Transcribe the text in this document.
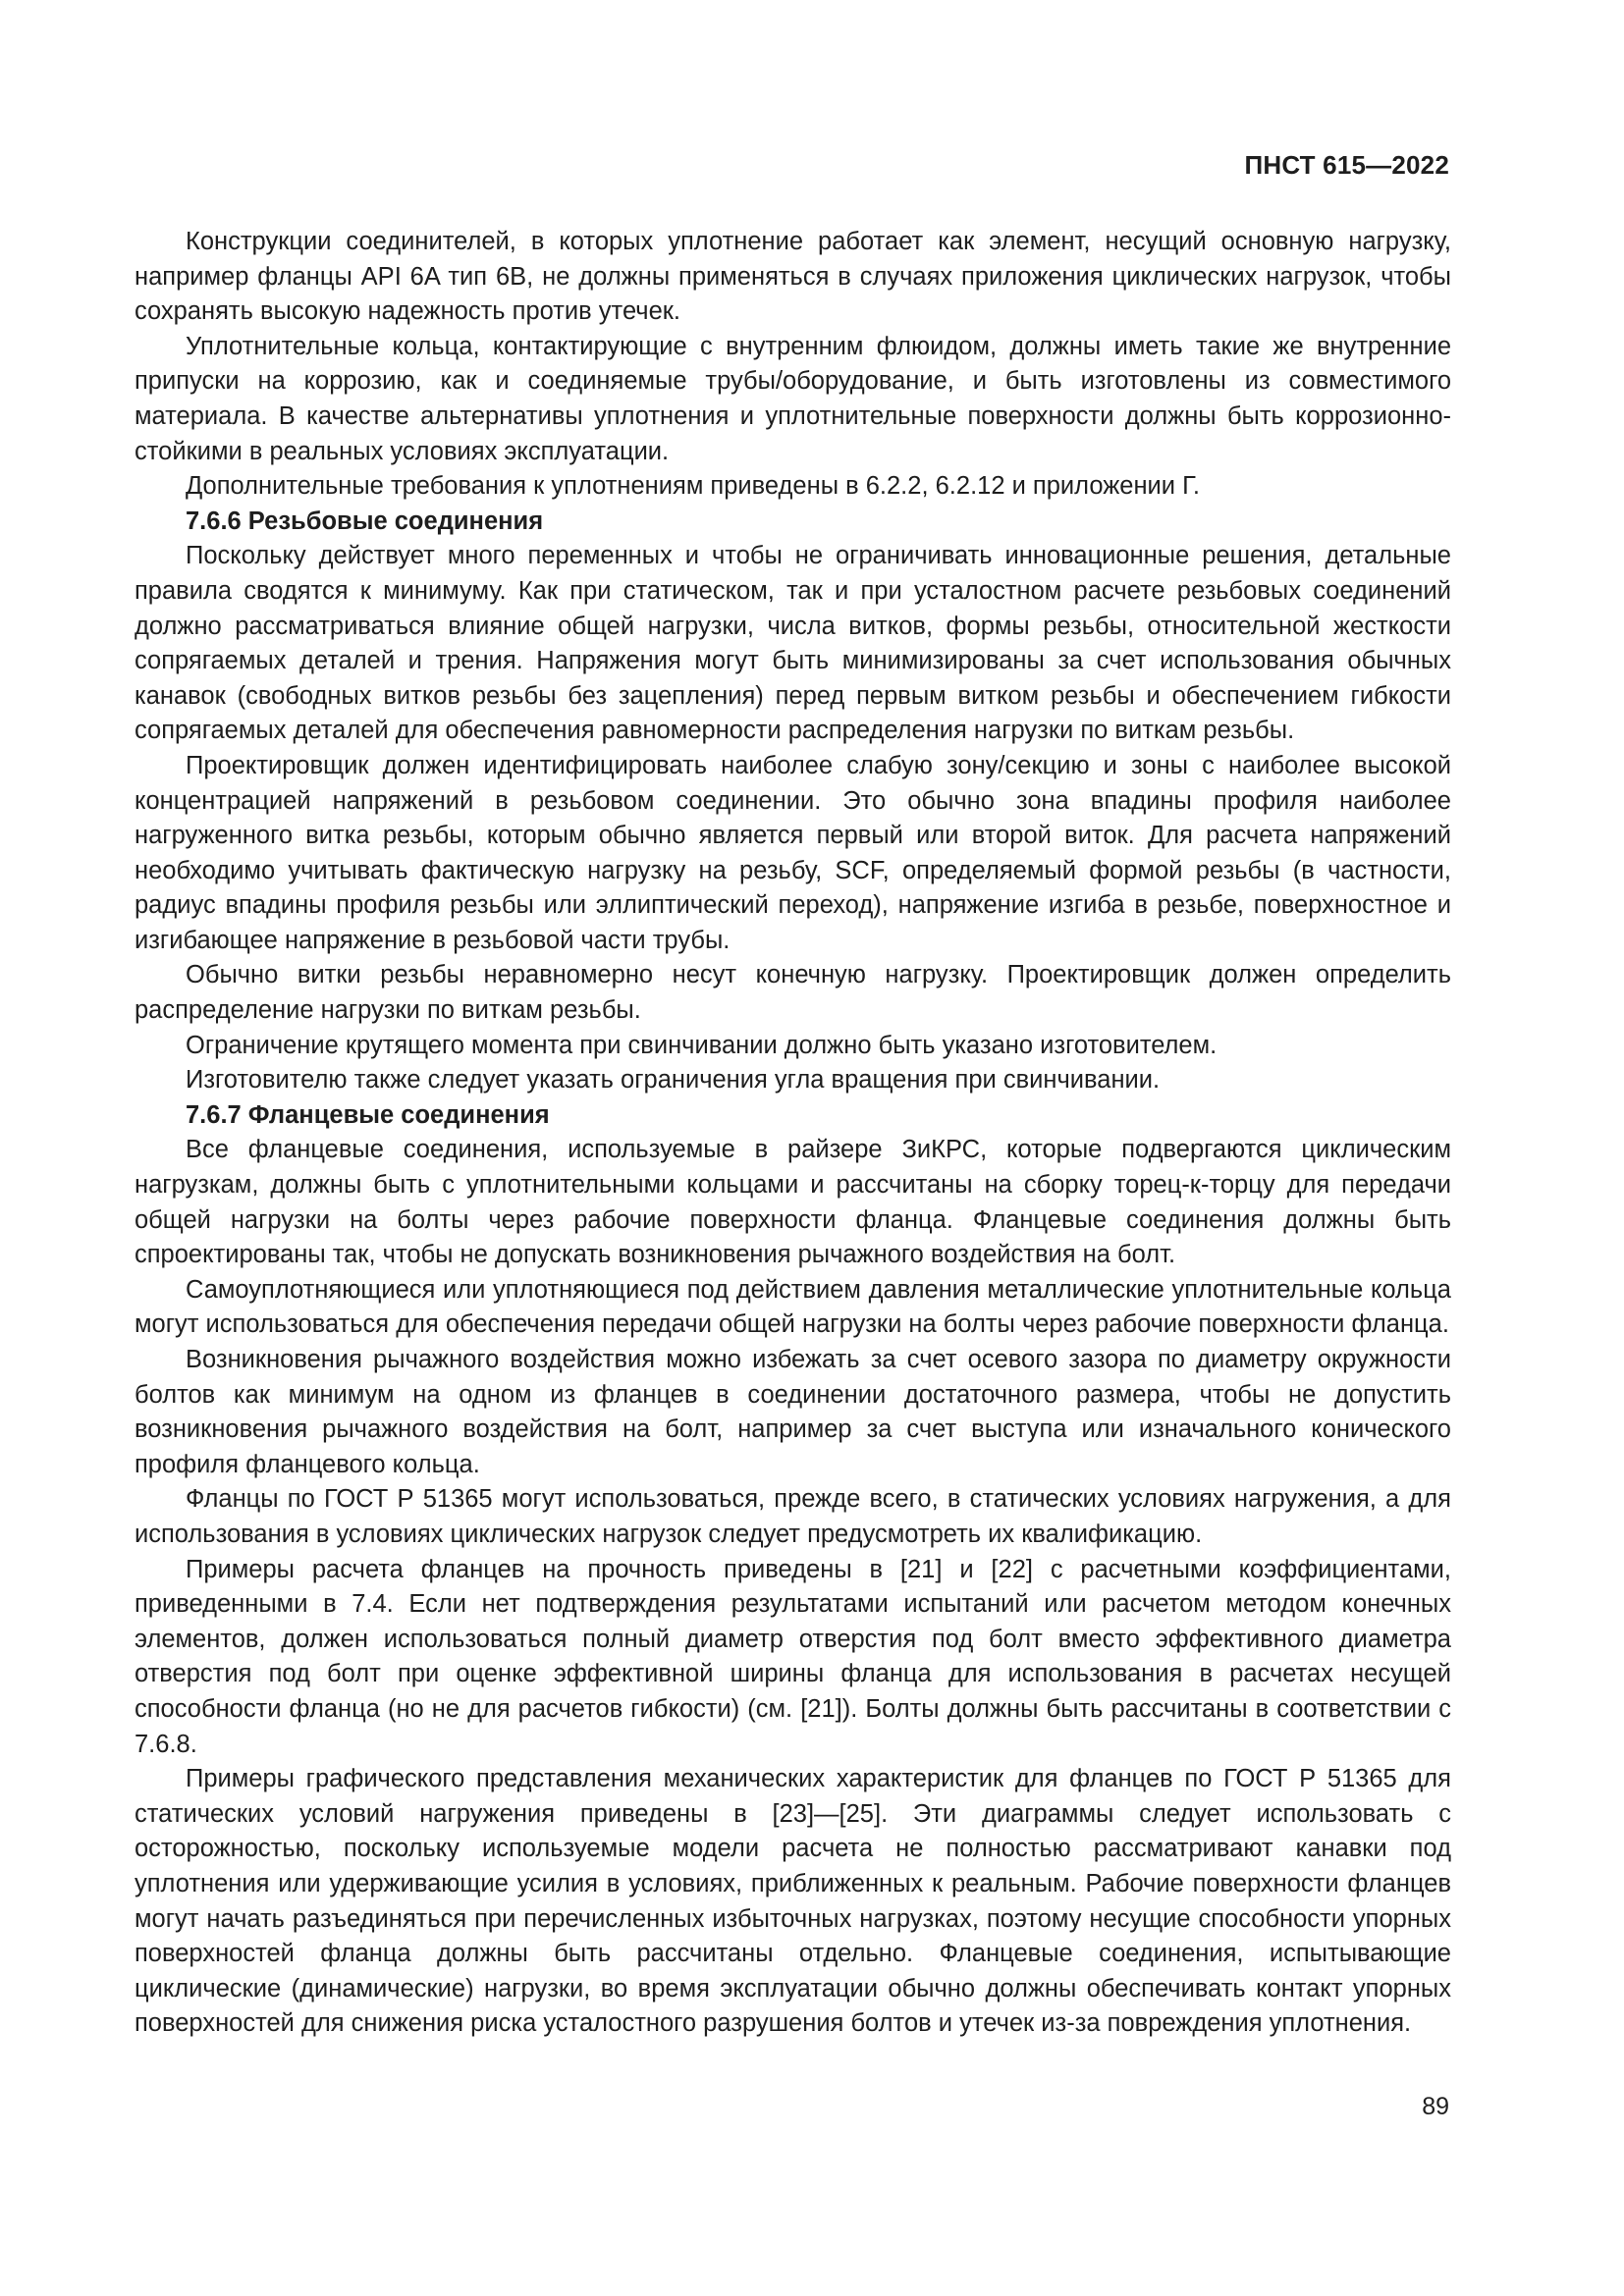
ПНСТ 615—2022

Конструкции соединителей, в которых уплотнение работает как элемент, несущий основную нагрузку, например фланцы API 6A тип 6B, не должны применяться в случаях приложения циклических нагрузок, чтобы сохранять высокую надежность против утечек.

Уплотнительные кольца, контактирующие с внутренним флюидом, должны иметь такие же внутренние припуски на коррозию, как и соединяемые трубы/оборудование, и быть изготовлены из совместимого материала. В качестве альтернативы уплотнения и уплотнительные поверхности должны быть коррозионно-стойкими в реальных условиях эксплуатации.

Дополнительные требования к уплотнениям приведены в 6.2.2, 6.2.12 и приложении Г.

7.6.6 Резьбовые соединения

Поскольку действует много переменных и чтобы не ограничивать инновационные решения, детальные правила сводятся к минимуму. Как при статическом, так и при усталостном расчете резьбовых соединений должно рассматриваться влияние общей нагрузки, числа витков, формы резьбы, относительной жесткости сопрягаемых деталей и трения. Напряжения могут быть минимизированы за счет использования обычных канавок (свободных витков резьбы без зацепления) перед первым витком резьбы и обеспечением гибкости сопрягаемых деталей для обеспечения равномерности распределения нагрузки по виткам резьбы.

Проектировщик должен идентифицировать наиболее слабую зону/секцию и зоны с наиболее высокой концентрацией напряжений в резьбовом соединении. Это обычно зона впадины профиля наиболее нагруженного витка резьбы, которым обычно является первый или второй виток. Для расчета напряжений необходимо учитывать фактическую нагрузку на резьбу, SCF, определяемый формой резьбы (в частности, радиус впадины профиля резьбы или эллиптический переход), напряжение изгиба в резьбе, поверхностное и изгибающее напряжение в резьбовой части трубы.

Обычно витки резьбы неравномерно несут конечную нагрузку. Проектировщик должен определить распределение нагрузки по виткам резьбы.

Ограничение крутящего момента при свинчивании должно быть указано изготовителем.

Изготовителю также следует указать ограничения угла вращения при свинчивании.

7.6.7 Фланцевые соединения

Все фланцевые соединения, используемые в райзере ЗиКРС, которые подвергаются циклическим нагрузкам, должны быть с уплотнительными кольцами и рассчитаны на сборку торец-к-торцу для передачи общей нагрузки на болты через рабочие поверхности фланца. Фланцевые соединения должны быть спроектированы так, чтобы не допускать возникновения рычажного воздействия на болт.

Самоуплотняющиеся или уплотняющиеся под действием давления металлические уплотнительные кольца могут использоваться для обеспечения передачи общей нагрузки на болты через рабочие поверхности фланца.

Возникновения рычажного воздействия можно избежать за счет осевого зазора по диаметру окружности болтов как минимум на одном из фланцев в соединении достаточного размера, чтобы не допустить возникновения рычажного воздействия на болт, например за счет выступа или изначального конического профиля фланцевого кольца.

Фланцы по ГОСТ Р 51365 могут использоваться, прежде всего, в статических условиях нагружения, а для использования в условиях циклических нагрузок следует предусмотреть их квалификацию.

Примеры расчета фланцев на прочность приведены в [21] и [22] с расчетными коэффициентами, приведенными в 7.4. Если нет подтверждения результатами испытаний или расчетом методом конечных элементов, должен использоваться полный диаметр отверстия под болт вместо эффективного диаметра отверстия под болт при оценке эффективной ширины фланца для использования в расчетах несущей способности фланца (но не для расчетов гибкости) (см. [21]). Болты должны быть рассчитаны в соответствии с 7.6.8.

Примеры графического представления механических характеристик для фланцев по ГОСТ Р 51365 для статических условий нагружения приведены в [23]—[25]. Эти диаграммы следует использовать с осторожностью, поскольку используемые модели расчета не полностью рассматривают канавки под уплотнения или удерживающие усилия в условиях, приближенных к реальным. Рабочие поверхности фланцев могут начать разъединяться при перечисленных избыточных нагрузках, поэтому несущие способности упорных поверхностей фланца должны быть рассчитаны отдельно. Фланцевые соединения, испытывающие циклические (динамические) нагрузки, во время эксплуатации обычно должны обеспечивать контакт упорных поверхностей для снижения риска усталостного разрушения болтов и утечек из-за повреждения уплотнения.

89
